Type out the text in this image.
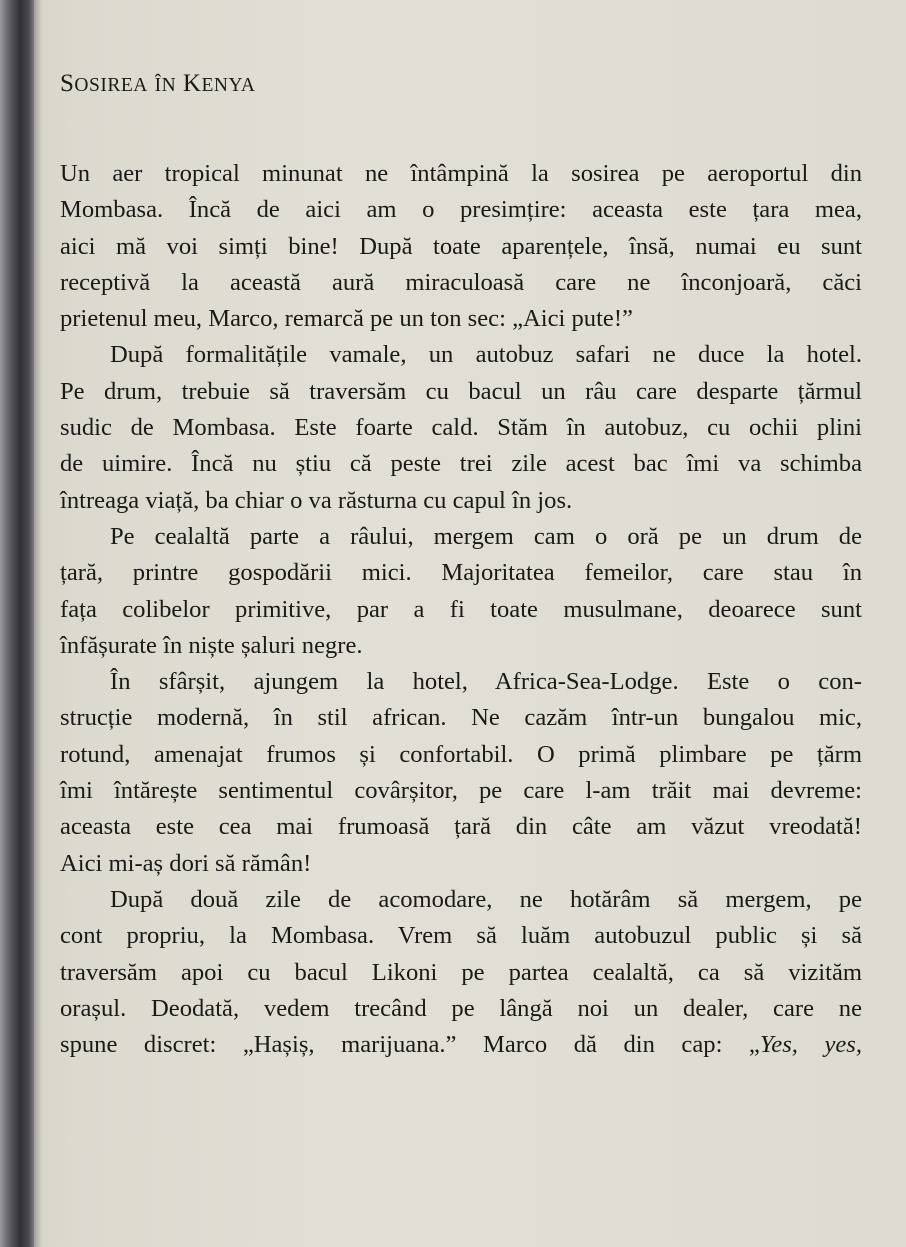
SOSIREA ÎN KENYA

Un aer tropical minunat ne întâmpină la sosirea pe aeroportul din
Mombasa. Încă de aici am o presimțire: aceasta este țara mea,
aici mă voi simți bine! După toate aparențele, însă, numai eu sunt
receptivă la această aură miraculoasă care ne înconjoară, căci
prietenul meu, Marco, remarcă pe un ton sec: „Aici pute!”

După formalitățile vamale, un autobuz safari ne duce la hotel.
Pe drum, trebuie să traversăm cu bacul un râu care desparte țărmul
sudic de Mombasa. Este foarte cald. Stăm în autobuz, cu ochii plini
de uimire. Încă nu știu că peste trei zile acest bac îmi va schimba
întreaga viață, ba chiar o va răsturna cu capul în jos.

Pe cealaltă parte a râului, mergem cam o oră pe un drum de
țară, printre gospodării mici. Majoritatea femeilor, care stau în
fața colibelor primitive, par a fi toate musulmane, deoarece sunt
înfășurate în niște șaluri negre.

În sfârșit, ajungem la hotel, Africa-Sea-Lodge. Este o con-
strucție modernă, în stil african. Ne cazăm într-un bungalou mic,
rotund, amenajat frumos și confortabil. O primă plimbare pe țărm
îmi întărește sentimentul covârșitor, pe care l-am trăit mai devreme:
aceasta este cea mai frumoasă țară din câte am văzut vreodată!
Aici mi-aș dori să rămân!

După două zile de acomodare, ne hotărâm să mergem, pe
cont propriu, la Mombasa. Vrem să luăm autobuzul public și să
traversăm apoi cu bacul Likoni pe partea cealaltă, ca să vizităm
orașul. Deodată, vedem trecând pe lângă noi un dealer, care ne
spune discret: „Hașiș, marijuana.” Marco dă din cap: „Yes, yes,
